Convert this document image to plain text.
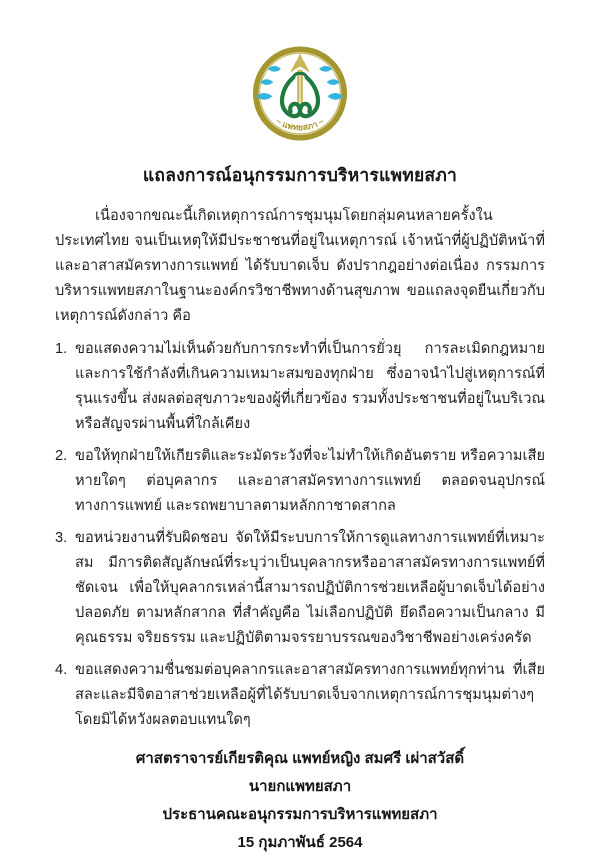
~ แพทยสภา ~
แถลงการณ์อนุกรรมการบริหารแพทยสภา

เนื่องจากขณะนี้เกิดเหตุการณ์การชุมนุมโดยกลุ่มคนหลายครั้งในประเทศไทย จนเป็นเหตุให้มีประชาชนที่อยู่ในเหตุการณ์ เจ้าหน้าที่ผู้ปฏิบัติหน้าที่ และอาสาสมัครทางการแพทย์ ได้รับบาดเจ็บ ดังปรากฎอย่างต่อเนื่อง กรรมการบริหารแพทยสภาในฐานะองค์กรวิชาชีพทางด้านสุขภาพ ขอแถลงจุดยืนเกี่ยวกับเหตุการณ์ดังกล่าว คือ

1. ขอแสดงความไม่เห็นด้วยกับการกระทำที่เป็นการยั่วยุ การละเมิดกฎหมาย และการใช้กำลังที่เกินความเหมาะสมของทุกฝ่าย ซึ่งอาจนำไปสู่เหตุการณ์ที่รุนแรงขึ้น ส่งผลต่อสุขภาวะของผู้ที่เกี่ยวข้อง รวมทั้งประชาชนที่อยู่ในบริเวณ หรือสัญจรผ่านพื้นที่ใกล้เคียง
2. ขอให้ทุกฝ่ายให้เกียรติและระมัดระวังที่จะไม่ทำให้เกิดอันตราย หรือความเสียหายใดๆ ต่อบุคลากร และอาสาสมัครทางการแพทย์ ตลอดจนอุปกรณ์ทางการแพทย์ และรถพยาบาลตามหลักกาชาดสากล
3. ขอหน่วยงานที่รับผิดชอบ จัดให้มีระบบการให้การดูแลทางการแพทย์ที่เหมาะสม มีการติดสัญลักษณ์ที่ระบุว่าเป็นบุคลากรหรืออาสาสมัครทางการแพทย์ที่ชัดเจน เพื่อให้บุคลากรเหล่านี้สามารถปฏิบัติการช่วยเหลือผู้บาดเจ็บได้อย่างปลอดภัย ตามหลักสากล ที่สำคัญคือ ไม่เลือกปฏิบัติ ยึดถือความเป็นกลาง มีคุณธรรม จริยธรรม และปฏิบัติตามจรรยาบรรณของวิชาชีพอย่างเคร่งครัด
4. ขอแสดงความชื่นชมต่อบุคลากรและอาสาสมัครทางการแพทย์ทุกท่าน ที่เสียสละและมีจิตอาสาช่วยเหลือผู้ที่ได้รับบาดเจ็บจากเหตุการณ์การชุมนุมต่างๆ โดยมิได้หวังผลตอบแทนใดๆ
ศาสตราจารย์เกียรติคุณ แพทย์หญิง สมศรี เผ่าสวัสดิ์
นายกแพทยสภา
ประธานคณะอนุกรรมการบริหารแพทยสภา
15 กุมภาพันธ์ 2564
